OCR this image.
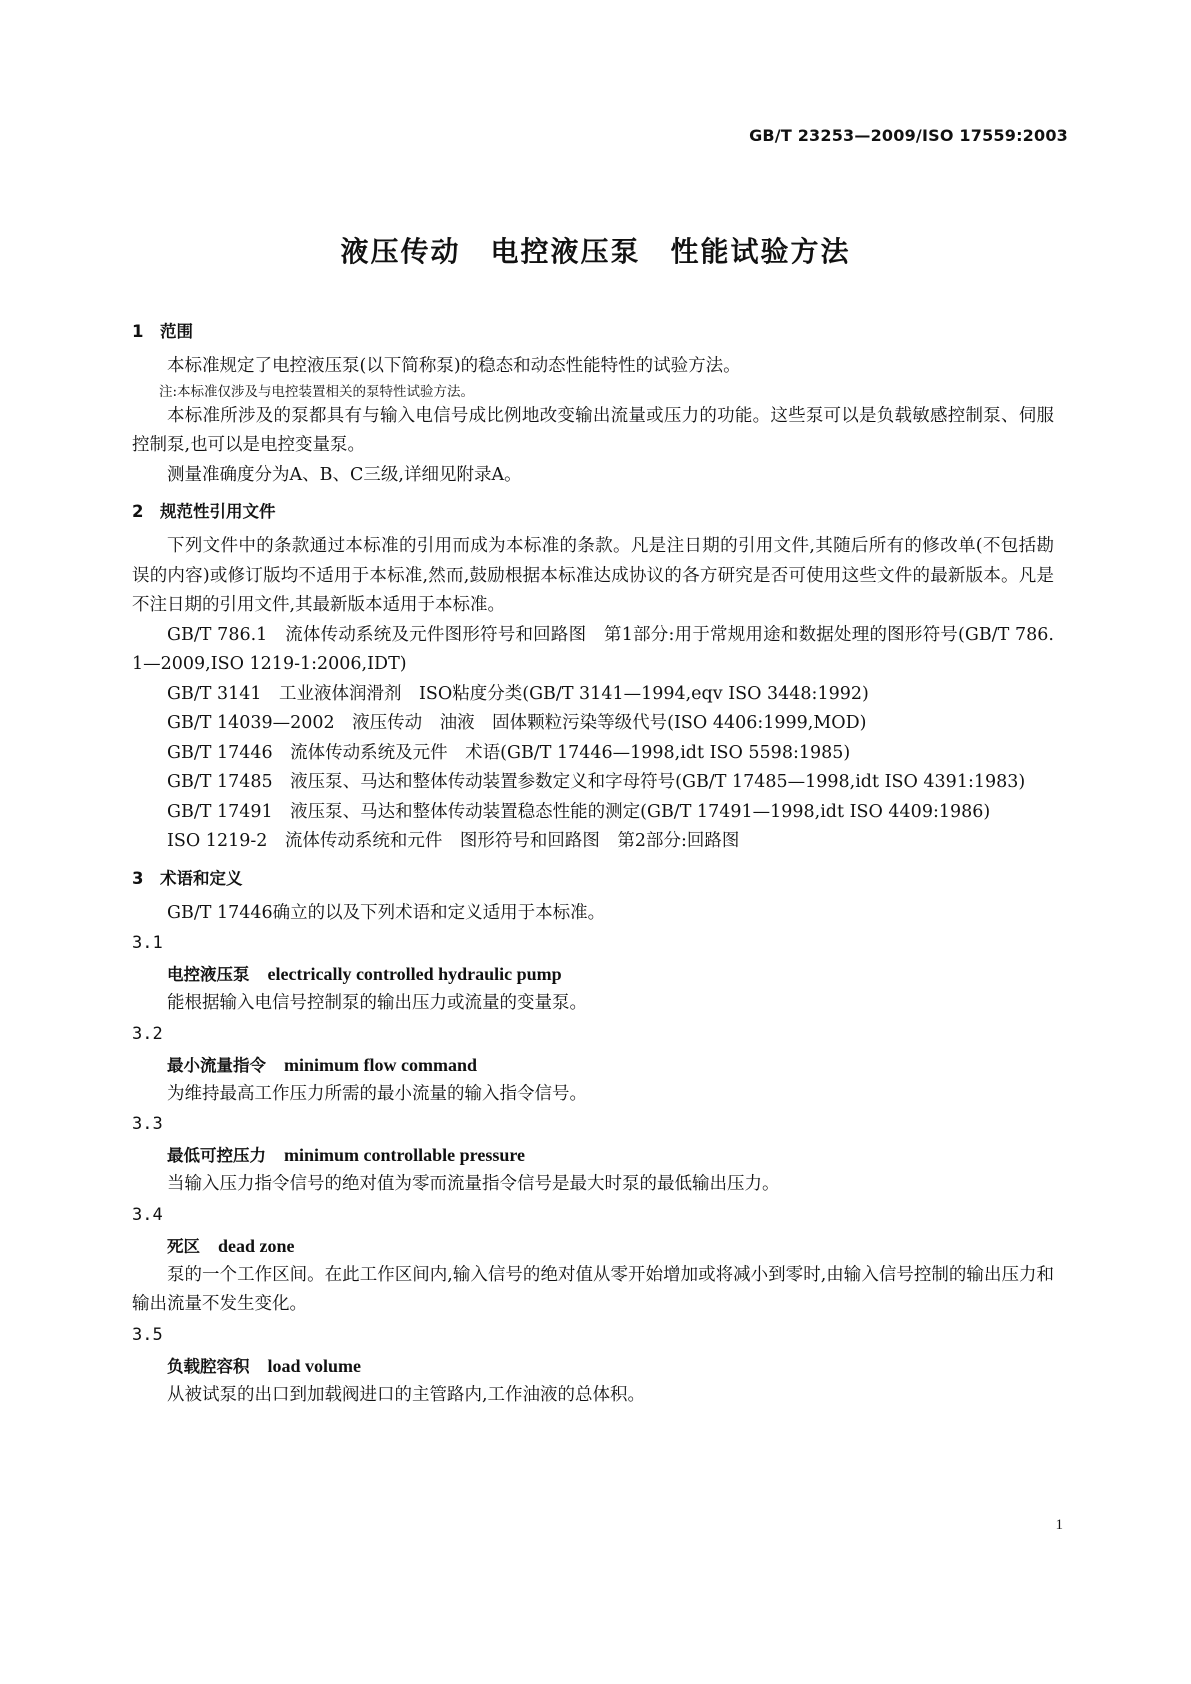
GB/T 23253—2009/ISO 17559:2003
液压传动　电控液压泵　性能试验方法
1 范围

本标准规定了电控液压泵(以下简称泵)的稳态和动态性能特性的试验方法。

注:本标准仅涉及与电控装置相关的泵特性试验方法。

本标准所涉及的泵都具有与输入电信号成比例地改变输出流量或压力的功能。这些泵可以是负载敏感控制泵、伺服控制泵,也可以是电控变量泵。

测量准确度分为A、B、C三级,详细见附录A。

2 规范性引用文件

下列文件中的条款通过本标准的引用而成为本标准的条款。凡是注日期的引用文件,其随后所有的修改单(不包括勘误的内容)或修订版均不适用于本标准,然而,鼓励根据本标准达成协议的各方研究是否可使用这些文件的最新版本。凡是不注日期的引用文件,其最新版本适用于本标准。

GB/T 786.1　流体传动系统及元件图形符号和回路图　第1部分:用于常规用途和数据处理的图形符号(GB/T 786.1—2009,ISO 1219-1:2006,IDT)

GB/T 3141　工业液体润滑剂　ISO粘度分类(GB/T 3141—1994,eqv ISO 3448:1992)

GB/T 14039—2002　液压传动　油液　固体颗粒污染等级代号(ISO 4406:1999,MOD)

GB/T 17446　流体传动系统及元件　术语(GB/T 17446—1998,idt ISO 5598:1985)

GB/T 17485　液压泵、马达和整体传动装置参数定义和字母符号(GB/T 17485—1998,idt ISO 4391:1983)

GB/T 17491　液压泵、马达和整体传动装置稳态性能的测定(GB/T 17491—1998,idt ISO 4409:1986)

ISO 1219-2　流体传动系统和元件　图形符号和回路图　第2部分:回路图

3 术语和定义

GB/T 17446确立的以及下列术语和定义适用于本标准。

3.1

电控液压泵 electrically controlled hydraulic pump

能根据输入电信号控制泵的输出压力或流量的变量泵。

3.2

最小流量指令 minimum flow command

为维持最高工作压力所需的最小流量的输入指令信号。

3.3

最低可控压力 minimum controllable pressure

当输入压力指令信号的绝对值为零而流量指令信号是最大时泵的最低输出压力。

3.4

死区 dead zone

泵的一个工作区间。在此工作区间内,输入信号的绝对值从零开始增加或将减小到零时,由输入信号控制的输出压力和输出流量不发生变化。

3.5

负载腔容积 load volume

从被试泵的出口到加载阀进口的主管路内,工作油液的总体积。

1
